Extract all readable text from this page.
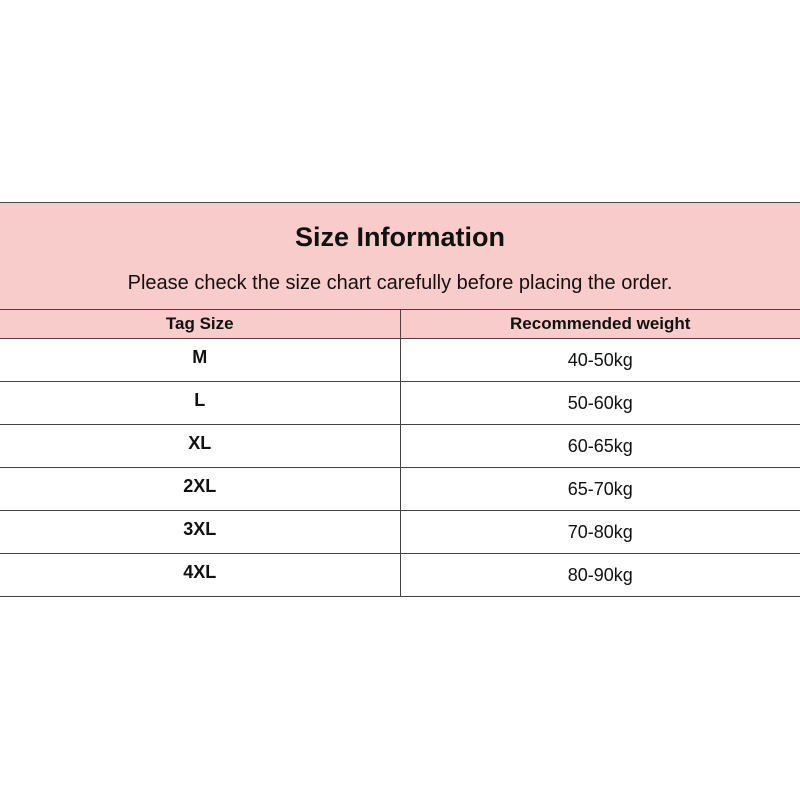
Size Information
Please check the size chart carefully before placing the order.
Tag Size	Recommended weight
M	40-50kg
L	50-60kg
XL	60-65kg
2XL	65-70kg
3XL	70-80kg
4XL	80-90kg
